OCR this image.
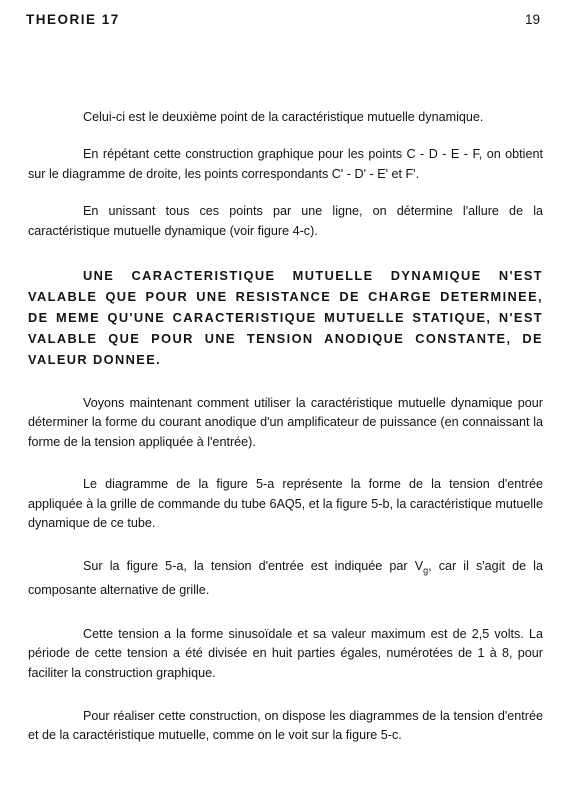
THEORIE 17	19

Celui-ci est le deuxième point de la caractéristique mutuelle dynamique.

En répétant cette construction graphique pour les points C - D - E - F, on obtient sur le diagramme de droite, les points correspondants C' - D' - E' et F'.

En unissant tous ces points par une ligne, on détermine l'allure de la caractéristique mutuelle dynamique (voir figure 4-c).

UNE CARACTERISTIQUE MUTUELLE DYNAMIQUE N'EST VALABLE QUE POUR UNE RESISTANCE DE CHARGE DETERMINEE, DE MEME QU'UNE CARACTERISTIQUE MUTUELLE STATIQUE, N'EST VALABLE QUE POUR UNE TENSION ANODIQUE CONSTANTE, DE VALEUR DONNEE.

Voyons maintenant comment utiliser la caractéristique mutuelle dynamique pour déterminer la forme du courant anodique d'un amplificateur de puissance (en connaissant la forme de la tension appliquée à l'entrée).

Le diagramme de la figure 5-a représente la forme de la tension d'entrée appliquée à la grille de commande du tube 6AQ5, et la figure 5-b, la caractéristique mutuelle dynamique de ce tube.

Sur la figure 5-a, la tension d'entrée est indiquée par $V_g$, car il s'agit de la composante alternative de grille.

Cette tension a la forme sinusoïdale et sa valeur maximum est de 2,5 volts. La période de cette tension a été divisée en huit parties égales, numérotées de 1 à 8, pour faciliter la construction graphique.

Pour réaliser cette construction, on dispose les diagrammes de la tension d'entrée et de la caractéristique mutuelle, comme on le voit sur la figure 5-c.
